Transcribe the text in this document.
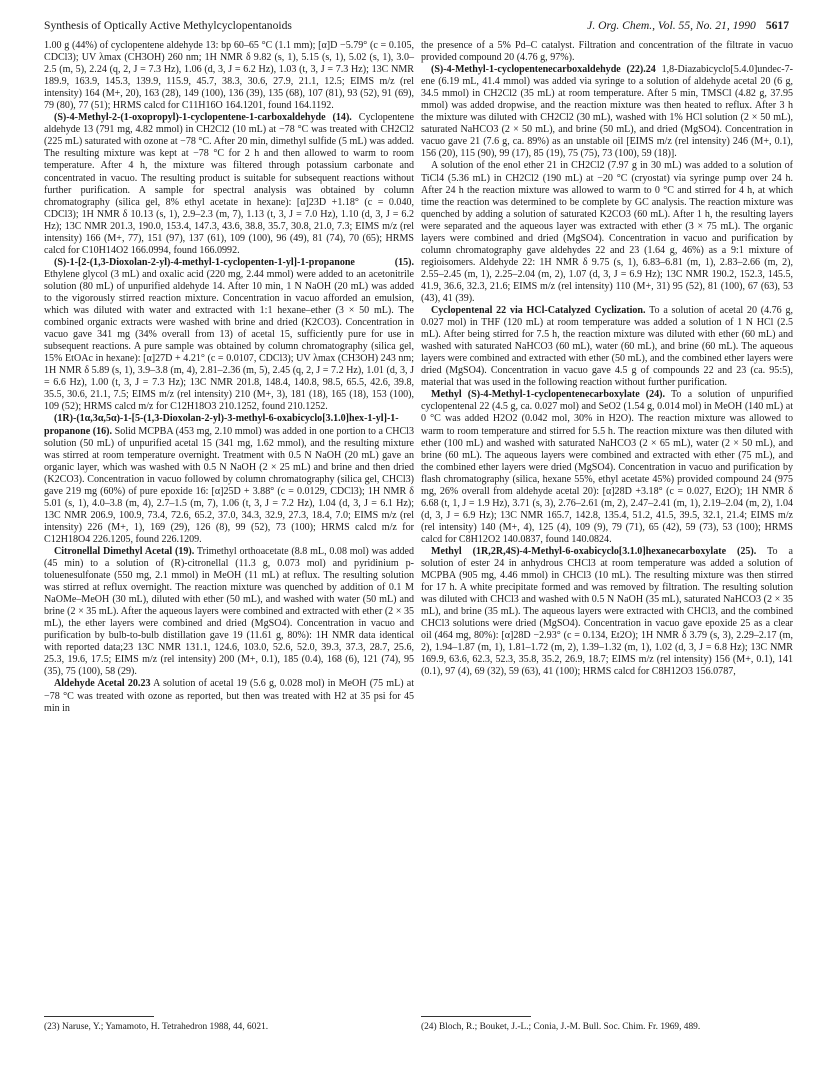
Synthesis of Optically Active Methylcyclopentanoids	J. Org. Chem., Vol. 55, No. 21, 1990 5617

1.00 g (44%) of cyclopentene aldehyde 13: bp 60–65 °C (1.1 mm); [α]D −5.79° (c = 0.105, CDCl3); UV λmax (CH3OH) 260 nm; 1H NMR δ 9.82 (s, 1), 5.15 (s, 1), 5.02 (s, 1), 3.0–2.5 (m, 5), 2.24 (q, 2, J = 7.3 Hz), 1.06 (d, 3, J = 6.2 Hz), 1.03 (t, 3, J = 7.3 Hz); 13C NMR 189.9, 163.9, 145.3, 139.9, 115.9, 45.7, 38.3, 30.6, 27.9, 21.1, 12.5; EIMS m/z (rel intensity) 164 (M+, 20), 163 (28), 149 (100), 136 (39), 135 (68), 107 (81), 93 (52), 91 (69), 79 (80), 77 (51); HRMS calcd for C11H16O 164.1201, found 164.1192.

(S)-4-Methyl-2-(1-oxopropyl)-1-cyclopentene-1-carboxaldehyde (14). Cyclopentene aldehyde 13 (791 mg, 4.82 mmol) in CH2Cl2 (10 mL) at −78 °C was treated with CH2Cl2 (225 mL) saturated with ozone at −78 °C. After 20 min, dimethyl sulfide (5 mL) was added. The resulting mixture was kept at −78 °C for 2 h and then allowed to warm to room temperature. After 4 h, the mixture was filtered through potassium carbonate and concentrated in vacuo. The resulting product is suitable for subsequent reactions without further purification. A sample for spectral analysis was obtained by column chromatography (silica gel, 8% ethyl acetate in hexane): [α]23D +1.18° (c = 0.040, CDCl3); 1H NMR δ 10.13 (s, 1), 2.9–2.3 (m, 7), 1.13 (t, 3, J = 7.0 Hz), 1.10 (d, 3, J = 6.2 Hz); 13C NMR 201.3, 190.0, 153.4, 147.3, 43.6, 38.8, 35.7, 30.8, 21.0, 7.3; EIMS m/z (rel intensity) 166 (M+, 77), 151 (97), 137 (61), 109 (100), 96 (49), 81 (74), 70 (65); HRMS calcd for C10H14O2 166.0994, found 166.0992.

(S)-1-[2-(1,3-Dioxolan-2-yl)-4-methyl-1-cyclopenten-1-yl]-1-propanone (15). Ethylene glycol (3 mL) and oxalic acid (220 mg, 2.44 mmol) were added to an acetonitrile solution (80 mL) of unpurified aldehyde 14. After 10 min, 1 N NaOH (20 mL) was added to the vigorously stirred reaction mixture. Concentration in vacuo afforded an emulsion, which was diluted with water and extracted with 1:1 hexane–ether (3 × 50 mL). The combined organic extracts were washed with brine and dried (K2CO3). Concentration in vacuo gave 341 mg (34% overall from 13) of acetal 15, sufficiently pure for use in subsequent reactions. A pure sample was obtained by column chromatography (silica gel, 15% EtOAc in hexane): [α]27D + 4.21° (c = 0.0107, CDCl3); UV λmax (CH3OH) 243 nm; 1H NMR δ 5.89 (s, 1), 3.9–3.8 (m, 4), 2.81–2.36 (m, 5), 2.45 (q, 2, J = 7.2 Hz), 1.01 (d, 3, J = 6.6 Hz), 1.00 (t, 3, J = 7.3 Hz); 13C NMR 201.8, 148.4, 140.8, 98.5, 65.5, 42.6, 39.8, 35.5, 30.6, 21.1, 7.5; EIMS m/z (rel intensity) 210 (M+, 3), 181 (18), 165 (18), 153 (100), 109 (52); HRMS calcd m/z for C12H18O3 210.1252, found 210.1252.

(1R)-(1α,3α,5α)-1-[5-(1,3-Dioxolan-2-yl)-3-methyl-6-oxabicyclo[3.1.0]hex-1-yl]-1-propanone (16). Solid MCPBA (453 mg, 2.10 mmol) was added in one portion to a CHCl3 solution (50 mL) of unpurified acetal 15 (341 mg, 1.62 mmol), and the resulting mixture was stirred at room temperature overnight. Treatment with 0.5 N NaOH (20 mL) gave an organic layer, which was washed with 0.5 N NaOH (2 × 25 mL) and brine and then dried (K2CO3). Concentration in vacuo followed by column chromatography (silica gel, CHCl3) gave 219 mg (60%) of pure epoxide 16: [α]25D + 3.88° (c = 0.0129, CDCl3); 1H NMR δ 5.01 (s, 1), 4.0–3.8 (m, 4), 2.7–1.5 (m, 7), 1.06 (t, 3, J = 7.2 Hz), 1.04 (d, 3, J = 6.1 Hz); 13C NMR 206.9, 100.9, 73.4, 72.6, 65.2, 37.0, 34.3, 32.9, 27.3, 18.4, 7.0; EIMS m/z (rel intensity) 226 (M+, 1), 169 (29), 126 (8), 99 (52), 73 (100); HRMS calcd m/z for C12H18O4 226.1205, found 226.1209.

Citronellal Dimethyl Acetal (19). Trimethyl orthoacetate (8.8 mL, 0.08 mol) was added (45 min) to a solution of (R)-citronellal (11.3 g, 0.073 mol) and pyridinium p-toluenesulfonate (550 mg, 2.1 mmol) in MeOH (11 mL) at reflux. The resulting solution was stirred at reflux overnight. The reaction mixture was quenched by addition of 0.1 M NaOMe–MeOH (30 mL), diluted with ether (50 mL), and washed with water (50 mL) and brine (2 × 35 mL). After the aqueous layers were combined and extracted with ether (2 × 35 mL), the ether layers were combined and dried (MgSO4). Concentration in vacuo and purification by bulb-to-bulb distillation gave 19 (11.61 g, 80%): 1H NMR data identical with reported data;23 13C NMR 131.1, 124.6, 103.0, 52.6, 52.0, 39.3, 37.3, 28.7, 25.6, 25.3, 19.6, 17.5; EIMS m/z (rel intensity) 200 (M+, 0.1), 185 (0.4), 168 (6), 121 (74), 95 (35), 75 (100), 58 (29).

Aldehyde Acetal 20.23 A solution of acetal 19 (5.6 g, 0.028 mol) in MeOH (75 mL) at −78 °C was treated with ozone as reported, but then was treated with H2 at 35 psi for 45 min in

the presence of a 5% Pd–C catalyst. Filtration and concentration of the filtrate in vacuo provided compound 20 (4.76 g, 97%).

(S)-4-Methyl-1-cyclopentenecarboxaldehyde (22).24 1,8-Diazabicyclo[5.4.0]undec-7-ene (6.19 mL, 41.4 mmol) was added via syringe to a solution of aldehyde acetal 20 (6 g, 34.5 mmol) in CH2Cl2 (35 mL) at room temperature. After 5 min, TMSCl (4.82 g, 37.95 mmol) was added dropwise, and the reaction mixture was then heated to reflux. After 3 h the mixture was diluted with CH2Cl2 (30 mL), washed with 1% HCl solution (2 × 50 mL), saturated NaHCO3 (2 × 50 mL), and brine (50 mL), and dried (MgSO4). Concentration in vacuo gave 21 (7.6 g, ca. 89%) as an unstable oil [EIMS m/z (rel intensity) 246 (M+, 0.1), 156 (20), 115 (90), 99 (17), 85 (19), 75 (75), 73 (100), 59 (18)].

A solution of the enol ether 21 in CH2Cl2 (7.97 g in 30 mL) was added to a solution of TiCl4 (5.36 mL) in CH2Cl2 (190 mL) at −20 °C (cryostat) via syringe pump over 24 h. After 24 h the reaction mixture was allowed to warm to 0 °C and stirred for 4 h, at which time the reaction was determined to be complete by GC analysis. The reaction mixture was quenched by adding a solution of saturated K2CO3 (60 mL). After 1 h, the resulting layers were separated and the aqueous layer was extracted with ether (3 × 75 mL). The organic layers were combined and dried (MgSO4). Concentration in vacuo and purification by column chromatography gave aldehydes 22 and 23 (1.64 g, 46%) as a 9:1 mixture of regioisomers. Aldehyde 22: 1H NMR δ 9.75 (s, 1), 6.83–6.81 (m, 1), 2.83–2.66 (m, 2), 2.55–2.45 (m, 1), 2.25–2.04 (m, 2), 1.07 (d, 3, J = 6.9 Hz); 13C NMR 190.2, 152.3, 145.5, 41.9, 36.6, 32.3, 21.6; EIMS m/z (rel intensity) 110 (M+, 31) 95 (52), 81 (100), 67 (63), 53 (43), 41 (39).

Cyclopentenal 22 via HCl-Catalyzed Cyclization. To a solution of acetal 20 (4.76 g, 0.027 mol) in THF (120 mL) at room temperature was added a solution of 1 N HCl (2.5 mL). After being stirred for 7.5 h, the reaction mixture was diluted with ether (60 mL) and washed with saturated NaHCO3 (60 mL), water (60 mL), and brine (60 mL). The aqueous layers were combined and extracted with ether (50 mL), and the combined ether layers were dried (MgSO4). Concentration in vacuo gave 4.5 g of compounds 22 and 23 (ca. 95:5), material that was used in the following reaction without further purification.

Methyl (S)-4-Methyl-1-cyclopentenecarboxylate (24). To a solution of unpurified cyclopentenal 22 (4.5 g, ca. 0.027 mol) and SeO2 (1.54 g, 0.014 mol) in MeOH (140 mL) at 0 °C was added H2O2 (0.042 mol, 30% in H2O). The reaction mixture was allowed to warm to room temperature and stirred for 5.5 h. The reaction mixture was then diluted with ether (100 mL) and washed with saturated NaHCO3 (2 × 65 mL), water (2 × 50 mL), and brine (60 mL). The aqueous layers were combined and extracted with ether (75 mL), and the combined ether layers were dried (MgSO4). Concentration in vacuo and purification by flash chromatography (silica, hexane 55%, ethyl acetate 45%) provided compound 24 (975 mg, 26% overall from aldehyde acetal 20): [α]28D +3.18° (c = 0.027, Et2O); 1H NMR δ 6.68 (t, 1, J = 1.9 Hz), 3.71 (s, 3), 2.76–2.61 (m, 2), 2.47–2.41 (m, 1), 2.19–2.04 (m, 2), 1.04 (d, 3, J = 6.9 Hz); 13C NMR 165.7, 142.8, 135.4, 51.2, 41.5, 39.5, 32.1, 21.4; EIMS m/z (rel intensity) 140 (M+, 4), 125 (4), 109 (9), 79 (71), 65 (42), 59 (73), 53 (100); HRMS calcd for C8H12O2 140.0837, found 140.0824.

Methyl (1R,2R,4S)-4-Methyl-6-oxabicyclo[3.1.0]hexanecarboxylate (25). To a solution of ester 24 in anhydrous CHCl3 at room temperature was added a solution of MCPBA (905 mg, 4.46 mmol) in CHCl3 (10 mL). The resulting mixture was then stirred for 17 h. A white precipitate formed and was removed by filtration. The resulting solution was diluted with CHCl3 and washed with 0.5 N NaOH (35 mL), saturated NaHCO3 (2 × 35 mL), and brine (35 mL). The aqueous layers were extracted with CHCl3, and the combined CHCl3 solutions were dried (MgSO4). Concentration in vacuo gave epoxide 25 as a clear oil (464 mg, 80%): [α]28D −2.93° (c = 0.134, Et2O); 1H NMR δ 3.79 (s, 3), 2.29–2.17 (m, 2), 1.94–1.87 (m, 1), 1.81–1.72 (m, 2), 1.39–1.32 (m, 1), 1.02 (d, 3, J = 6.8 Hz); 13C NMR 169.9, 63.6, 62.3, 52.3, 35.8, 35.2, 26.9, 18.7; EIMS m/z (rel intensity) 156 (M+, 0.1), 141 (0.1), 97 (4), 69 (32), 59 (63), 41 (100); HRMS calcd for C8H12O3 156.0787,

(23) Naruse, Y.; Yamamoto, H. Tetrahedron 1988, 44, 6021.	(24) Bloch, R.; Bouket, J.-L.; Conia, J.-M. Bull. Soc. Chim. Fr. 1969, 489.
